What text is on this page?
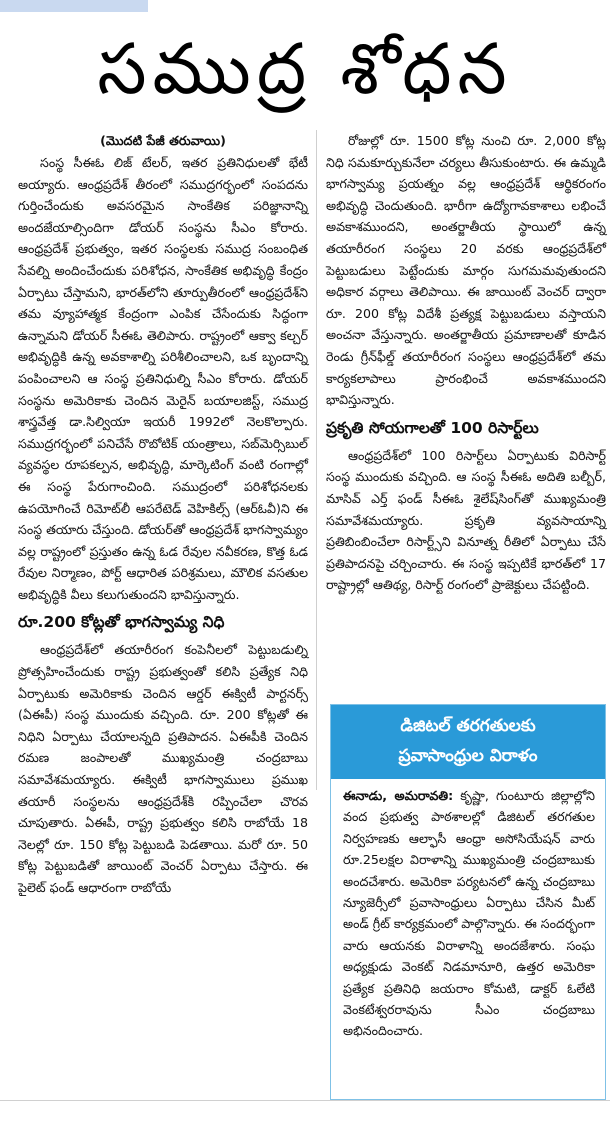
సముద్ర శోధన
(మొదటి పేజీ తరువాయి)

సంస్థ సీఈఓ లిజ్ టేలర్, ఇతర ప్రతినిధులతో భేటీ అయ్యారు. ఆంధ్రప్రదేశ్ తీరంలో సముద్రగర్భంలో సంపదను గుర్తించేందుకు అవసరమైన సాంకేతిక పరిజ్ఞానాన్ని అందజేయాల్సిందిగా డోయర్ సంస్థను సీఎం కోరారు. ఆంధ్రప్రదేశ్ ప్రభుత్వం, ఇతర సంస్థలకు సముద్ర సంబంధిత సేవల్ని అందించేందుకు పరిశోధన, సాంకేతిక అభివృద్ధి కేంద్రం ఏర్పాటు చేస్తామని, భారత్‌లోని తూర్పుతీరంలో ఆంధ్రప్రదేశ్‌ని తమ వ్యూహాత్మక కేంద్రంగా ఎంపిక చేసేందుకు సిద్ధంగా ఉన్నామని డోయర్ సీఈఓ తెలిపారు. రాష్ట్రంలో ఆక్వా కల్చర్ అభివృద్ధికి ఉన్న అవకాశాల్ని పరిశీలించాలని, ఒక బృందాన్ని పంపించాలని ఆ సంస్థ ప్రతినిధుల్ని సీఎం కోరారు. డోయర్ సంస్థను అమెరికాకు చెందిన మెరైన్ బయాలజిస్ట్, సముద్ర శాస్త్రవేత్త డా.సిల్వియా ఇయరీ 1992లో నెలకొల్పారు. సముద్రగర్భంలో పనిచేసే రొబోటిక్ యంత్రాలు, సబ్‌మెర్సిబుల్ వ్యవస్థల రూపకల్పన, అభివృద్ధి, మార్కెటింగ్ వంటి రంగాల్లో ఈ సంస్థ పేరుగాంచింది. సముద్రంలో పరిశోధనలకు ఉపయోగించే రిమోట్‌లీ ఆపరేటెడ్ వెహికిల్స్ (ఆర్‌ఓవీ)ని ఈ సంస్థ తయారు చేస్తుంది. డోయర్‌తో ఆంధ్రప్రదేశ్ భాగస్వామ్యం వల్ల రాష్ట్రంలో ప్రస్తుతం ఉన్న ఓడ రేవుల నవీకరణ, కొత్త ఓడ రేవుల నిర్మాణం, పోర్ట్ ఆధారిత పరిశ్రమలు, మౌలిక వసతుల అభివృద్ధికి వీలు కలుగుతుందని భావిస్తున్నారు.

రూ.200 కోట్లతో భాగస్వామ్య నిధి

ఆంధ్రప్రదేశ్‌లో తయారీరంగ కంపెనీలలో పెట్టుబడుల్ని ప్రోత్సహించేందుకు రాష్ట్ర ప్రభుత్వంతో కలిసి ప్రత్యేక నిధి ఏర్పాటుకు అమెరికాకు చెందిన ఆర్డర్ ఈక్విటీ పార్టనర్స్ (ఏఈపీ) సంస్థ ముందుకు వచ్చింది. రూ. 200 కోట్లతో ఈ నిధిని ఏర్పాటు చేయాలన్నది ప్రతిపాదన. ఏఈపీకి చెందిన రమణ జంపాలతో ముఖ్యమంత్రి చంద్రబాబు సమావేశమయ్యారు. ఈక్విటీ భాగస్వాములు ప్రముఖ తయారీ సంస్థలను ఆంధ్రప్రదేశ్‌కి రప్పించేలా చొరవ చూపుతారు. ఏఈపీ, రాష్ట్ర ప్రభుత్వం కలిసి రాబోయే 18 నెలల్లో రూ. 150 కోట్ల పెట్టుబడి పెడతాయి. మరో రూ. 50 కోట్ల పెట్టుబడితో జాయింట్ వెంచర్ ఏర్పాటు చేస్తారు. ఈ పైలెట్ ఫండ్ ఆధారంగా రాబోయే

రోజుల్లో రూ. 1500 కోట్ల నుంచి రూ. 2,000 కోట్ల నిధి సమకూర్చుకునేలా చర్యలు తీసుకుంటారు. ఈ ఉమ్మడి భాగస్వామ్య ప్రయత్నం వల్ల ఆంధ్రప్రదేశ్ ఆర్థికరంగం అభివృద్ధి చెందుతుంది. భారీగా ఉద్యోగావకాశాలు లభించే అవకాశముందని, అంతర్జాతీయ స్థాయిలో ఉన్న తయారీరంగ సంస్థలు 20 వరకు ఆంధ్రప్రదేశ్‌లో పెట్టుబడులు పెట్టేందుకు మార్గం సుగమమవుతుందని అధికార వర్గాలు తెలిపాయి. ఈ జాయింట్ వెంచర్ ద్వారా రూ. 200 కోట్ల విదేశీ ప్రత్యక్ష పెట్టుబడులు వస్తాయని అంచనా వేస్తున్నారు. అంతర్జాతీయ ప్రమాణాలతో కూడిన రెండు గ్రీన్‌ఫీల్డ్ తయారీరంగ సంస్థలు ఆంధ్రప్రదేశ్‌లో తమ కార్యకలాపాలు ప్రారంభించే అవకాశముందని భావిస్తున్నారు.

ప్రకృతి సోయగాలతో 100 రిసార్ట్‌లు

ఆంధ్రప్రదేశ్‌లో 100 రిసార్ట్‌లు ఏర్పాటుకు విరిసార్ట్ సంస్థ ముందుకు వచ్చింది. ఆ సంస్థ సీఈఓ అదితి బల్బీర్, మాసివ్ ఎర్త్ ఫండ్ సీఈఓ శైలేష్‌సింగ్‌తో ముఖ్యమంత్రి సమావేశమయ్యారు. ప్రకృతి వ్యవసాయాన్ని ప్రతిబింబించేలా రిసార్ట్స్‌ని వినూత్న రీతిలో ఏర్పాటు చేసే ప్రతిపాదనపై చర్చించారు. ఈ సంస్థ ఇప్పటికే భారత్‌లో 17 రాష్ట్రాల్లో ఆతిథ్య, రిసార్ట్ రంగంలో ప్రాజెక్టులు చేపట్టింది.

డిజిటల్ తరగతులకు
ప్రవాసాంధ్రుల విరాళం
ఈనాడు, అమరావతి: కృష్ణా, గుంటూరు జిల్లాల్లోని వంద ప్రభుత్వ పాఠశాలల్లో డిజిటల్ తరగతుల నిర్వహణకు ఆల్ఫాసీ ఆంధ్రా అసోసియేషన్ వారు రూ.25లక్షల విరాళాన్ని ముఖ్యమంత్రి చంద్రబాబుకు అందచేశారు. అమెరికా పర్యటనలో ఉన్న చంద్రబాబు న్యూజెర్సీలో ప్రవాసాంధ్రులు ఏర్పాటు చేసిన మీట్ అండ్ గ్రీట్ కార్యక్రమంలో పాల్గొన్నారు. ఈ సందర్భంగా వారు ఆయనకు విరాళాన్ని అందజేశారు. సంఘ అధ్యక్షుడు వెంకట్ నిడమానూరి, ఉత్తర అమెరికా ప్రత్యేక ప్రతినిధి జయరాం కోమటి, డాక్టర్ ఓలేటి వెంకటేశ్వరరావును సీఎం చంద్రబాబు అభినందించారు.
